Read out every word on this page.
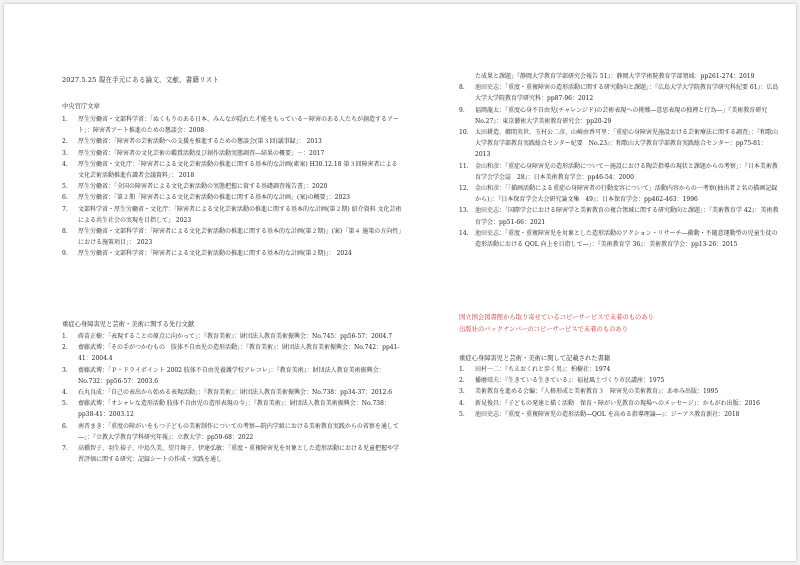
2027.5.25 現在手元にある論文、文献、書籍リスト
中央官庁文章
1. 厚生労働省・文部科学省：「ぬくもりのある日本、みんなが隠れた才能をもっている～障害のある人たちが創造するアート」：障害者アート推進のための懇談会：2008
2. 厚生労働省：「障害者の芸術活動への支援を推進するための懇談会(第３回)議事録」： 2013
3. 厚生労働省：「障害者の文化芸術の鑑賞活動及び創作活動実態調査―結果の概要」－：2017
4. 厚生労働省・文化庁：「障害者による文化芸術活動の推進に関する基本的な計画(素案) H30.12.18 第３回障害者による文化芸術活動推進有識者会議資料」： 2018
5. 厚生労働省：「全国の障害者による文化芸術活動の実態把握に資する基礎調査報告書」：2020
6. 厚生労働省：「第２期「障害者による文化芸術活動の推進に関する基本的な計画」(案)の概要」：2023
7. 文部科学省・厚生労働省・文化庁：「障害者による文化芸術活動の推進に関する基本的な計画(第２期) 紹介資料 文化芸術による共生社会の実現を目指して」 2023
8. 厚生労働省・文部科学省：「障害者による文化芸術活動の推進に関する基本的な計画(第２期)」(案)「第４ 施策の方向性」における施策項目」： 2023
9. 厚生労働省・文部科学省：「障害者による文化芸術活動の推進に関する基本的な計画(第２期)」： 2024
重症心身障害児と芸術・美術に関する先行文献
1. 蒔苗正樹：「表現することの原点に向かって」：『教育美術』：財団法人教育美術振興会：No.745：pp56-57：2004.7
2. 齋藤武博：「その手がつかむもの　肢体不自由児の造形活動」：『教育美術』：財団法人教育美術振興会：No.742：pp41-41：2004.4
3. 齋藤武博：「Ｐ・ドライポイント 2002 肢体不自由児養護学校アレコレ」：『教育美術』：財団法人教育美術振興会：No.732：pp56-57：2003.6
4. 石丸良成：「自己の表出から始める表現活動」：『教育美術』：財団法人教育美術振興会：No.738：pp34-37：2012.6
5. 齋藤武博：「オシャレな造形活動 肢体不自由児の造形表現の今」：『教育美術』：財団法人教育美術振興会：No.738：pp38-41：2003.12
6. 南晋まき：「重度の障がいをもつ子どもの美術制作についての考察―院内学級における美術教育実践からの省察を通して―」：『立教大学教育学科研究年報』：立教大学：pp59-68：2022
7. 高橋智子、羽生裕子、中島久美、望月舞子、伊達弘敏：「重度・重複障害児を対象とした造形活動における児童把握や学習評価に関する研究：記録シートの作成・実践を通し
た成果と課題」『静岡大学教育学部研究会報告 51』：静岡大学学術院教育学部領域：pp261-274：2019
8. 池田史志：「重度・重複障害の造形活動に関する研究動向と課題」：『広島大学大学院教育学研究科紀要 61』：広島大学大学院教育学研究科：pp87-96：2012
9. 福岡龍太：「重度心身不自由児(チャレンジド)の芸術表現への挑戦―意思表現の独裡と行為―」『美術教育研究　No.27』：東京藝術大学美術教育研究会：pp20-29
10. 太田耕造、郷間英世、玉村公二彦、山崎由香可里：「重症心身障害児施設おける芸術療法に関する調査」：『和歌山大学教育学部教育実践総合センター紀要　No.23』：和歌山大学教育学部教育実践総合センター：pp75-81：2013
11. 金山和彦：「重症心身障害児の造形活動について～施設における陶芸指導の現状と課題からの考察」：『日本美術教育学会学会誌　28』：日本美術教育学会：pp46-54：2000
12. 金山和彦：「「描画活動による重症心身障害者の行動変容について」活動内容からの一考察(抽出者２名の描画記録から)」：『日本保育学会大会研究論文集　49』：日本保育学会：pp462-463：1996
13. 池田史志：「国際学会における障害学と美術教育の複合領域に関する研究動向と課題」：『美術教育学 42』：美術教育学会：pp51-66：2021
14. 池田史志：「重度・重複障害児を対象とした造形活動のアクション・リサーチ―衝動・不随意運動型の児童生徒の造形活動における QOL 向上を目指して―」：『美術教育学 36』：美術教育学会：pp13-26：2015
国立国会図書館から取り寄せているコピーサービスで未着のものあり
出版社のバックナンバーのコピーサービスで未着のものあり
重症心身障害児と芸術・美術に関して記載された書籍
1. 田村一二：『ちえおくれと歩く男』：柏樹社：1974
2. 播磨靖夫：『生きている生きている』：福祉風土づくり市民講座：1975
3. 美術教育を進める会編：『人格形成と美術教育３　障害児の美術教育』：あゆみ出版：1995
4. 新見俊昌：『子どもの発達と描く活動　保育・障がい児教育の現場へのメッセージ』：かもがわ出版：2016
5. 池田史志：『重度・重複障害児の造形活動―QOL を高める指導理論―』：ジーアス教育新社：2018
